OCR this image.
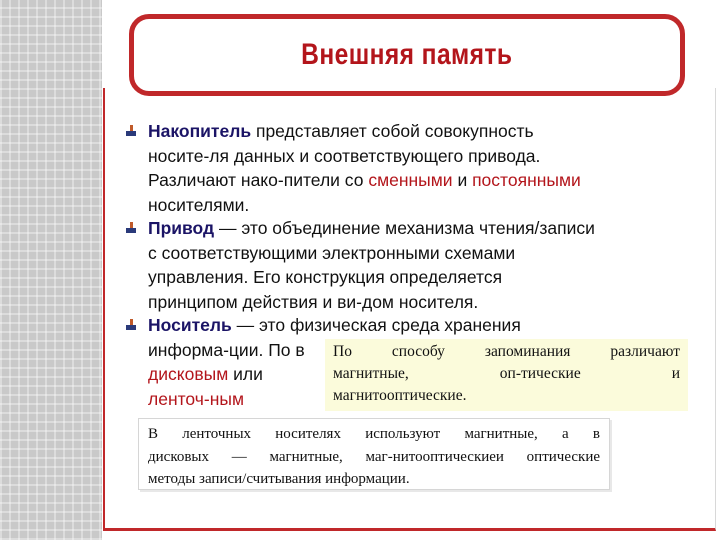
Внешняя память
Накопитель представляет собой совокупность
носите-ля данных и соответствующего привода.
Различают нако-пители со сменными и постоянными
носителями.
Привод — это объединение механизма чтения/записи
с соответствующими электронными схемами
управления. Его конструкция определяется
принципом действия и ви-дом носителя.
Носитель — это физическая среда хранения
информа-ции. По в
дисковым или
ленточ-ным
По способу запоминания различают
магнитные, оп-тические и
магнитооптические.
В ленточных носителях используют магнитные, а в
дисковых — магнитные, маг-нитооптическиеи оптические
методы записи/считывания информации.
